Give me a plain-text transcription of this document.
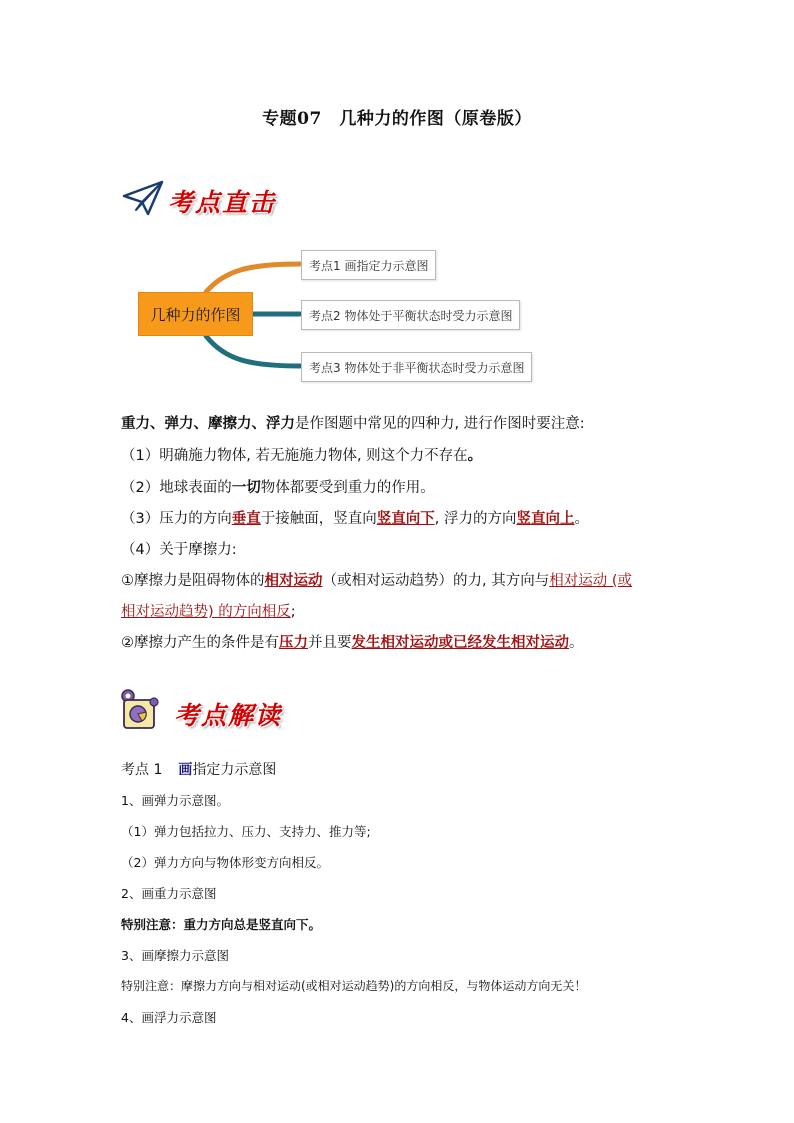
专题07　几种力的作图（原卷版）
考点直击
几种力的作图
考点1 画指定力示意图
考点2 物体处于平衡状态时受力示意图
考点3 物体处于非平衡状态时受力示意图
重力、弹力、摩擦力、浮力是作图题中常见的四种力, 进行作图时要注意:
（1）明确施力物体, 若无施施力物体, 则这个力不存在。
（2）地球表面的一切物体都要受到重力的作用。
（3）压力的方向垂直于接触面，竖直向竖直向下, 浮力的方向竖直向上。
（4）关于摩擦力:
①摩擦力是阻碍物体的相对运动（或相对运动趋势）的力, 其方向与相对运动 (或
相对运动趋势) 的方向相反;
②摩擦力产生的条件是有压力并且要发生相对运动或已经发生相对运动。
考点解读
考点 1 画指定力示意图
1、画弹力示意图。
（1）弹力包括拉力、压力、支持力、推力等;
（2）弹力方向与物体形变方向相反。
2、画重力示意图
特别注意：重力方向总是竖直向下。
3、画摩擦力示意图
特别注意：摩擦力方向与相对运动(或相对运动趋势)的方向相反，与物体运动方向无关！
4、画浮力示意图
